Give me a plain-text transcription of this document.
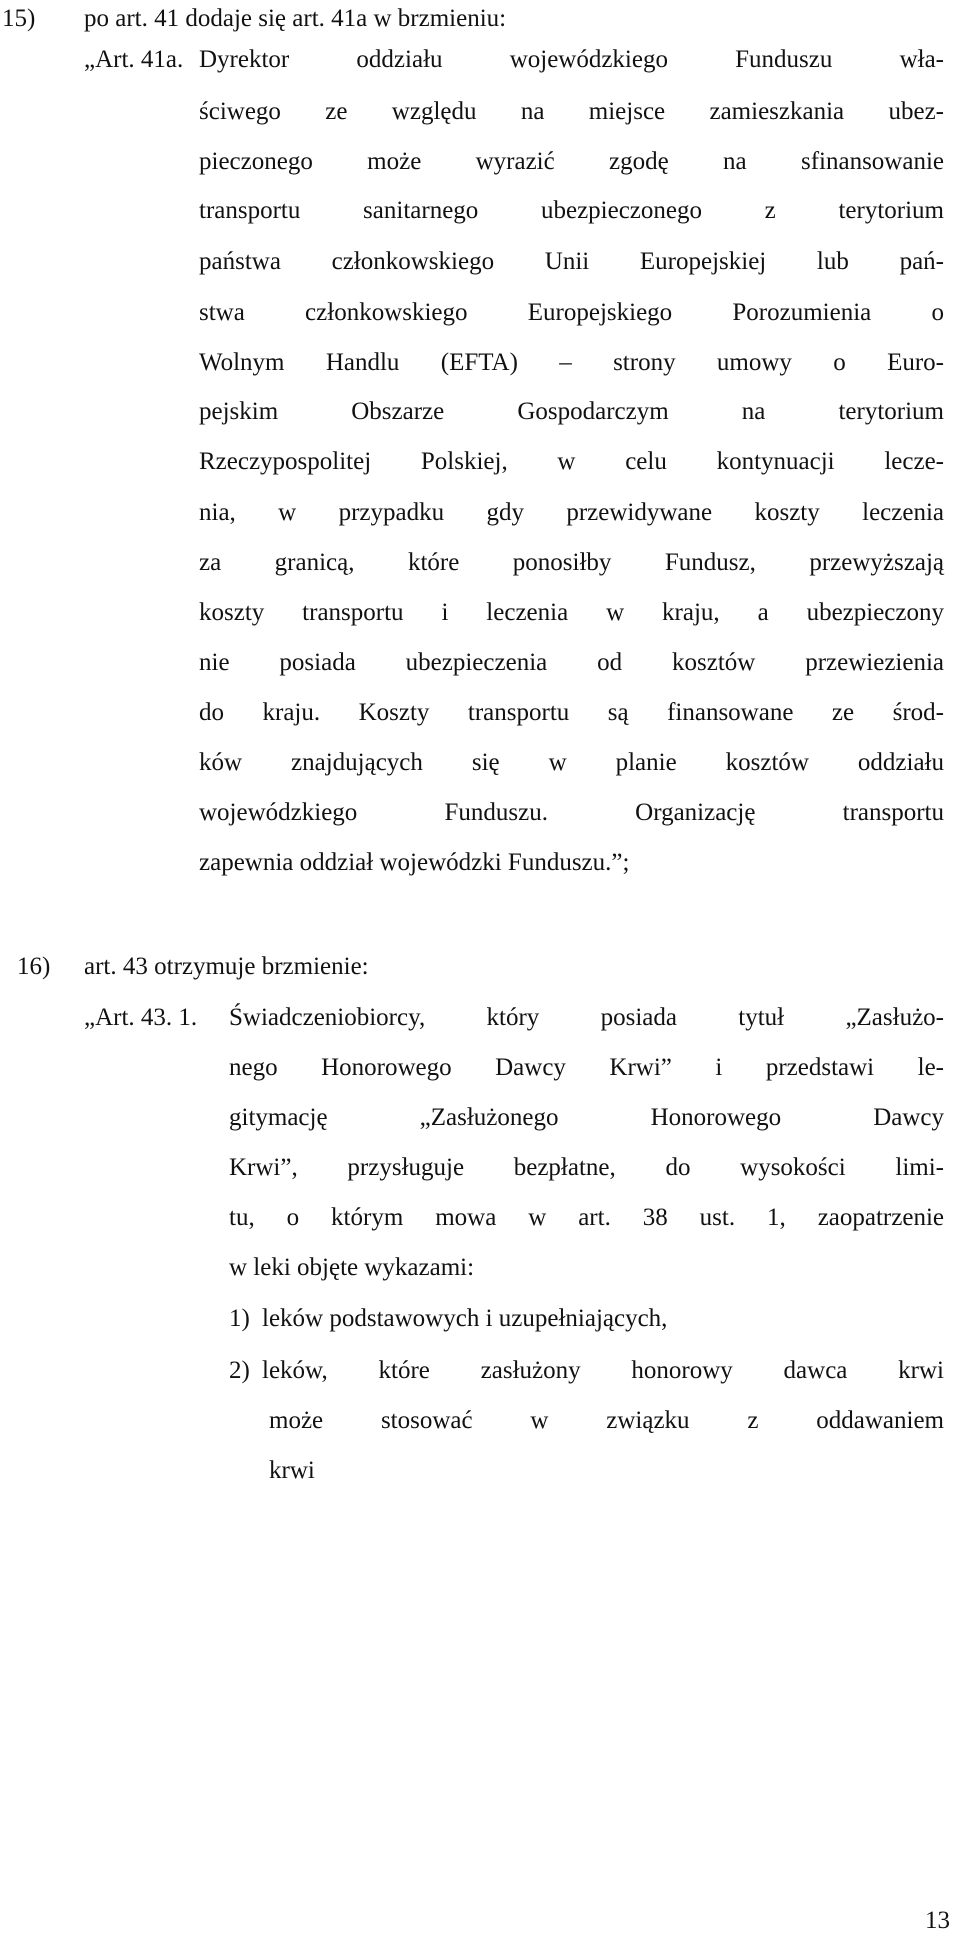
15) po art. 41 dodaje się art. 41a w brzmieniu:
„Art. 41a. Dyrektor oddziału wojewódzkiego Funduszu wła-
ściwego ze względu na miejsce zamieszkania ubez-
pieczonego może wyrazić zgodę na sfinansowanie
transportu sanitarnego ubezpieczonego z terytorium
państwa członkowskiego Unii Europejskiej lub pań-
stwa członkowskiego Europejskiego Porozumienia o
Wolnym Handlu (EFTA) – strony umowy o Euro-
pejskim Obszarze Gospodarczym na terytorium
Rzeczypospolitej Polskiej, w celu kontynuacji lecze-
nia, w przypadku gdy przewidywane koszty leczenia
za granicą, które ponosiłby Fundusz, przewyższają
koszty transportu i leczenia w kraju, a ubezpieczony
nie posiada ubezpieczenia od kosztów przewiezienia
do kraju. Koszty transportu są finansowane ze środ-
ków znajdujących się w planie kosztów oddziału
wojewódzkiego Funduszu. Organizację transportu
zapewnia oddział wojewódzki Funduszu.”;
16) art. 43 otrzymuje brzmienie:
„Art. 43. 1. Świadczeniobiorcy, który posiada tytuł „Zasłużo-
nego Honorowego Dawcy Krwi” i przedstawi le-
gitymację „Zasłużonego Honorowego Dawcy
Krwi”, przysługuje bezpłatne, do wysokości limi-
tu, o którym mowa w art. 38 ust. 1, zaopatrzenie
w leki objęte wykazami:
1) leków podstawowych i uzupełniających,
2) leków, które zasłużony honorowy dawca krwi
może stosować w związku z oddawaniem
krwi
13
